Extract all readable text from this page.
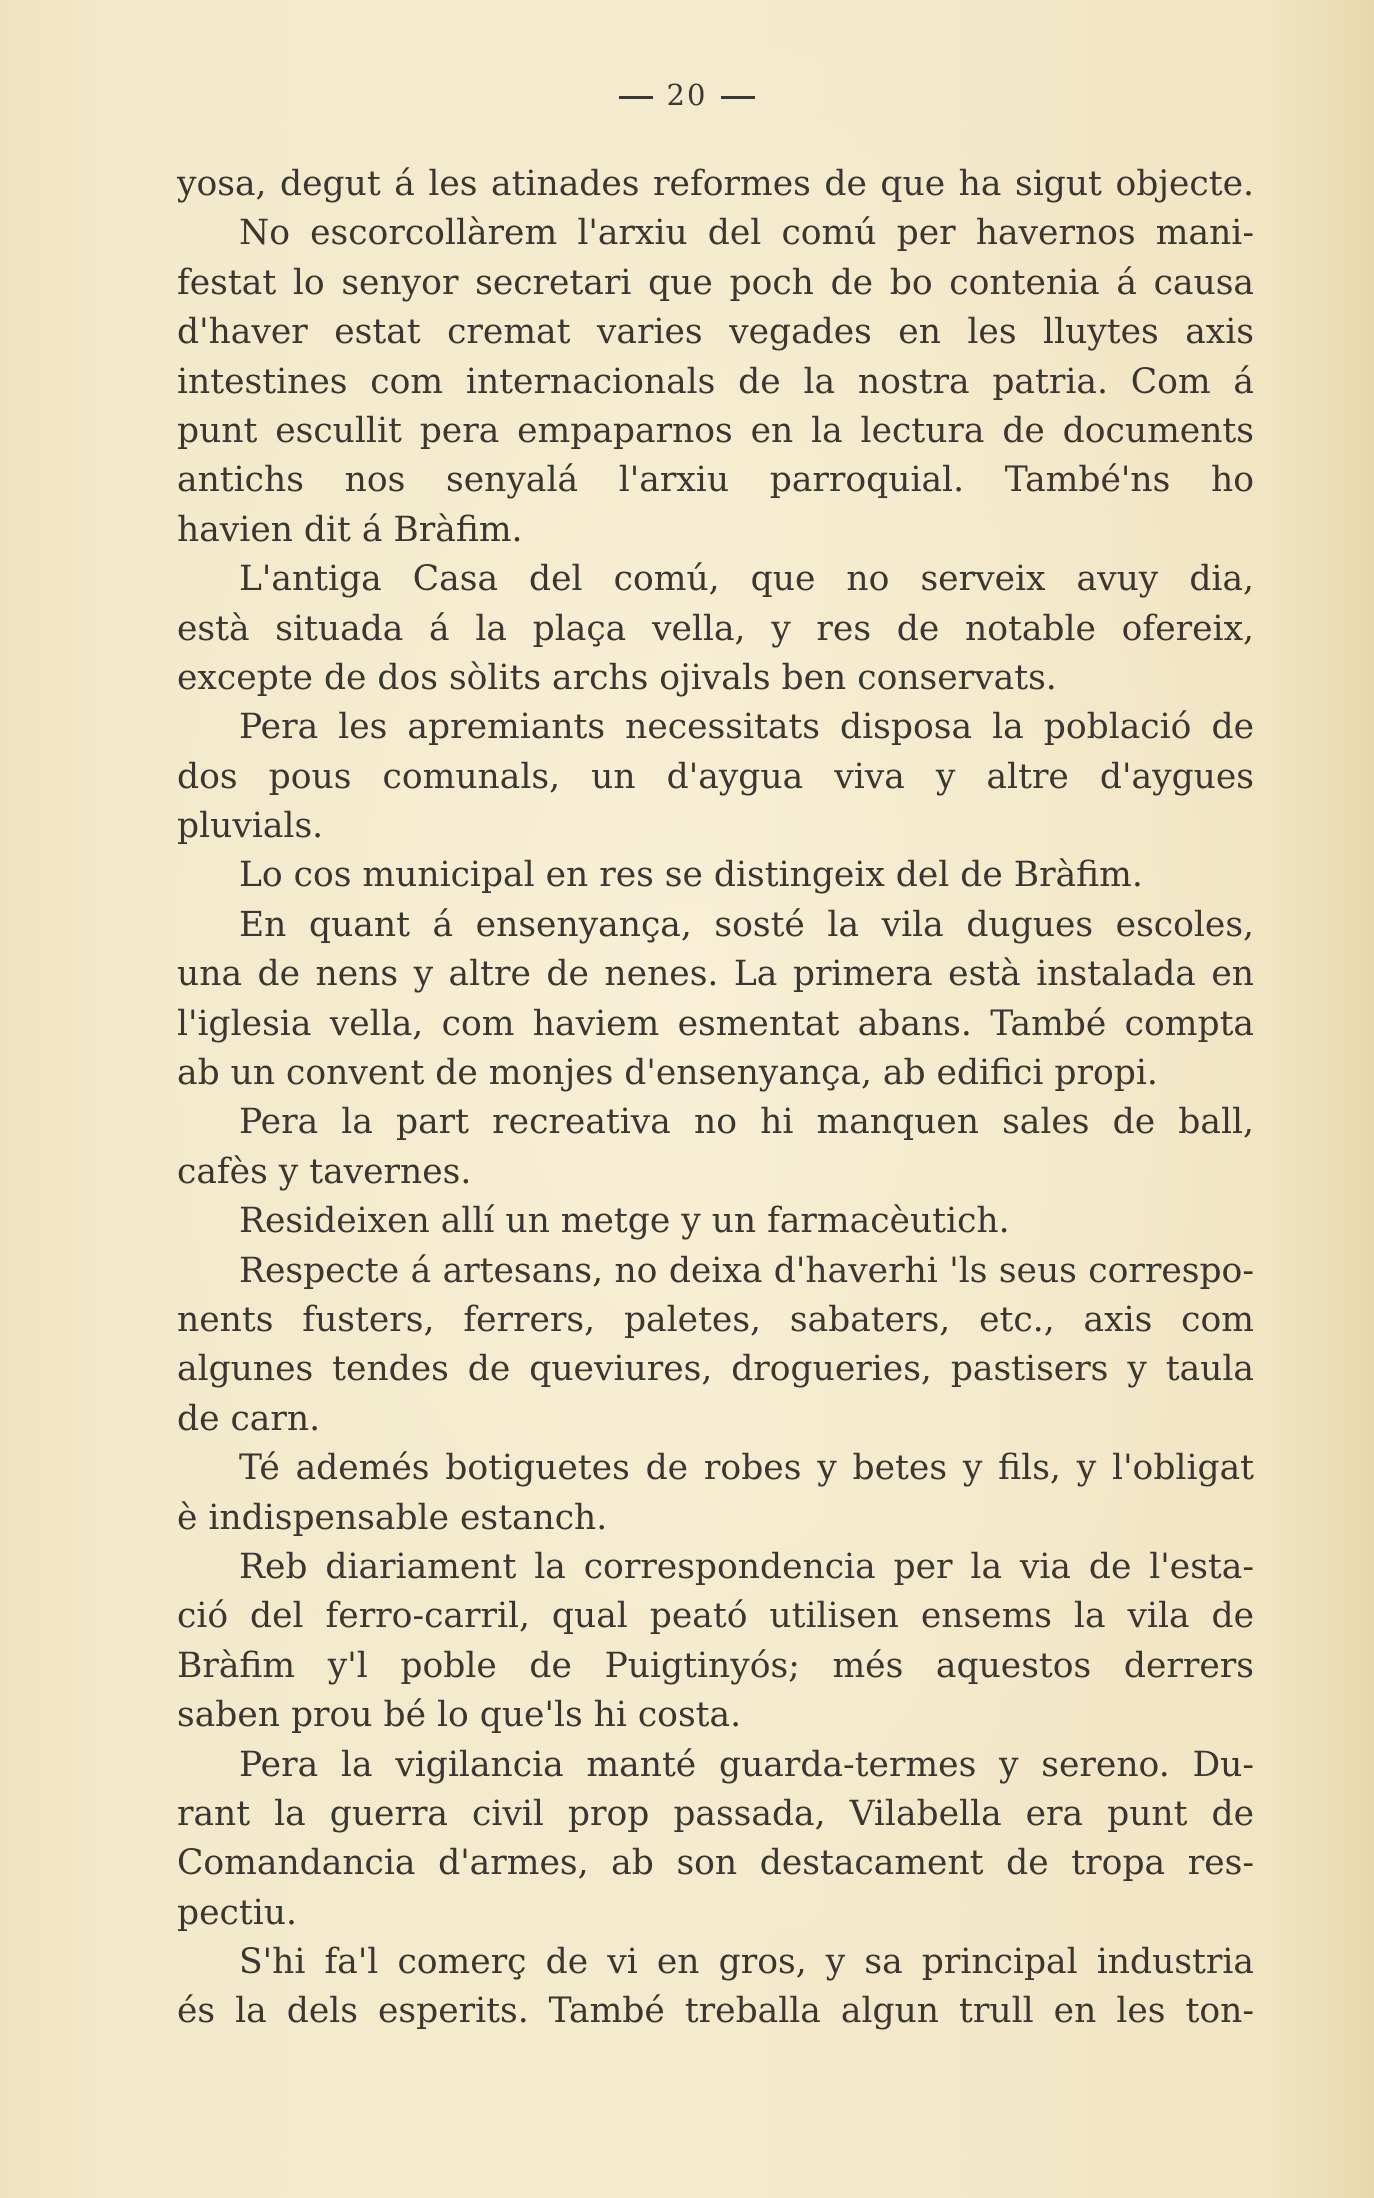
20
yosa, degut á les atinades reformes de que ha sigut objecte.
No escorcollàrem l'arxiu del comú per havernos mani-
festat lo senyor secretari que poch de bo contenia á causa
d'haver estat cremat varies vegades en les lluytes axis
intestines com internacionals de la nostra patria. Com á
punt escullit pera empaparnos en la lectura de documents
antichs nos senyalá l'arxiu parroquial. També'ns ho
havien dit á Bràfim.
L'antiga Casa del comú, que no serveix avuy dia,
està situada á la plaça vella, y res de notable ofereix,
excepte de dos sòlits archs ojivals ben conservats.
Pera les apremiants necessitats disposa la població de
dos pous comunals, un d'aygua viva y altre d'aygues
pluvials.
Lo cos municipal en res se distingeix del de Bràfim.
En quant á ensenyança, sosté la vila dugues escoles,
una de nens y altre de nenes. La primera està instalada en
l'iglesia vella, com haviem esmentat abans. També compta
ab un convent de monjes d'ensenyança, ab edifici propi.
Pera la part recreativa no hi manquen sales de ball,
cafès y tavernes.
Resideixen allí un metge y un farmacèutich.
Respecte á artesans, no deixa d'haverhi 'ls seus correspo-
nents fusters, ferrers, paletes, sabaters, etc., axis com
algunes tendes de queviures, drogueries, pastisers y taula
de carn.
Té ademés botiguetes de robes y betes y fils, y l'obligat
è indispensable estanch.
Reb diariament la correspondencia per la via de l'esta-
ció del ferro-carril, qual peató utilisen ensems la vila de
Bràfim y'l poble de Puigtinyós; més aquestos derrers
saben prou bé lo que'ls hi costa.
Pera la vigilancia manté guarda-termes y sereno. Du-
rant la guerra civil prop passada, Vilabella era punt de
Comandancia d'armes, ab son destacament de tropa res-
pectiu.
S'hi fa'l comerç de vi en gros, y sa principal industria
és la dels esperits. També treballa algun trull en les ton-
